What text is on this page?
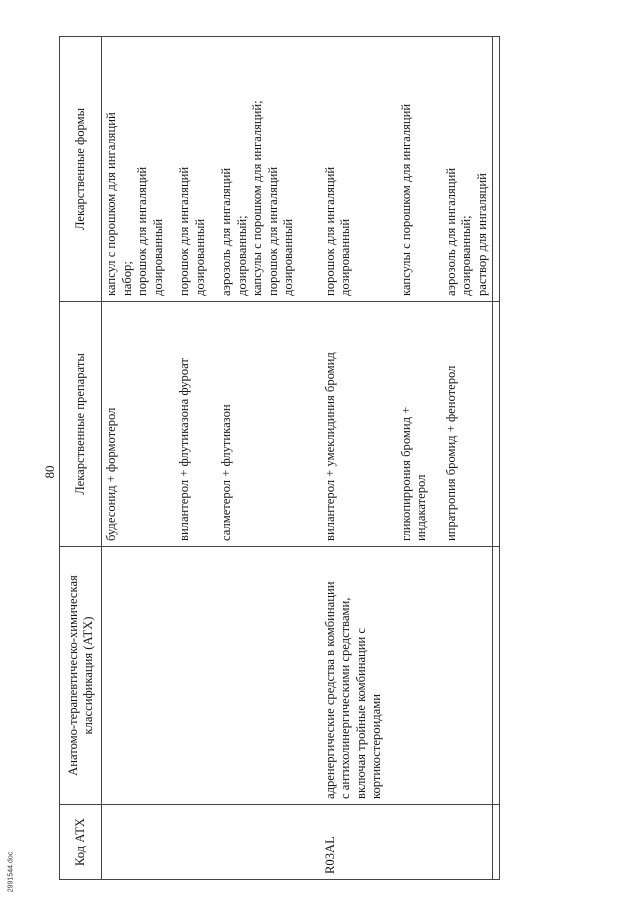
80
Код АТХ	Анатомо-терапевтическо-химическая классификация (АТХ)	Лекарственные препараты	Лекарственные формы

		будесонид + формотерол	капсул с порошком для ингаляций набор; порошок для ингаляций дозированный

		вилантерол + флутиказона фуроат	порошок для ингаляций дозированный

		салметерол + флутиказон	аэрозоль для ингаляций дозированный; капсулы с порошком для ингаляций; порошок для ингаляций дозированный

R03AL	адренергические средства в комбинации с антихолинергическими средствами, включая тройные комбинации с кортикостероидами	вилантерол + умеклидиния бромид	порошок для ингаляций дозированный

		гликопиррония бромид + индакатерол	капсулы с порошком для ингаляций

		ипратропия бромид + фенотерол	аэрозоль для ингаляций дозированный; раствор для ингаляций

2991544.doc
